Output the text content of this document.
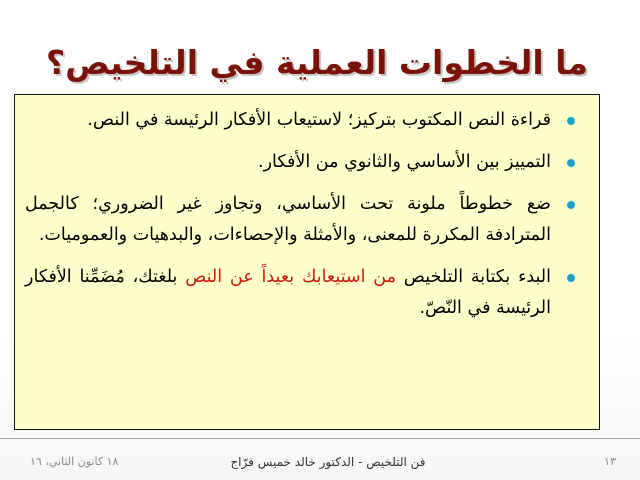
ما الخطوات العملية في التلخيص؟
قراءة النص المكتوب بتركيز؛ لاستيعاب الأفكار الرئيسة في النص.
التمييز بين الأساسي والثانوي من الأفكار.
ضع خطوطاً ملونة تحت الأساسي، وتجاوز غير الضروري؛ كالجمل المترادفة المكررة للمعنى، والأمثلة والإحصاءات، والبدهيات والعموميات.
البدء بكتابة التلخيص من استيعابك بعيداً عن النص بلغتك، مُضَمِّنا الأفكار الرئيسة في النّصّ.
١٨ كانون الثاني، ١٦	فن التلخيص - الدكتور خالد خميس فرّاج	١٣
